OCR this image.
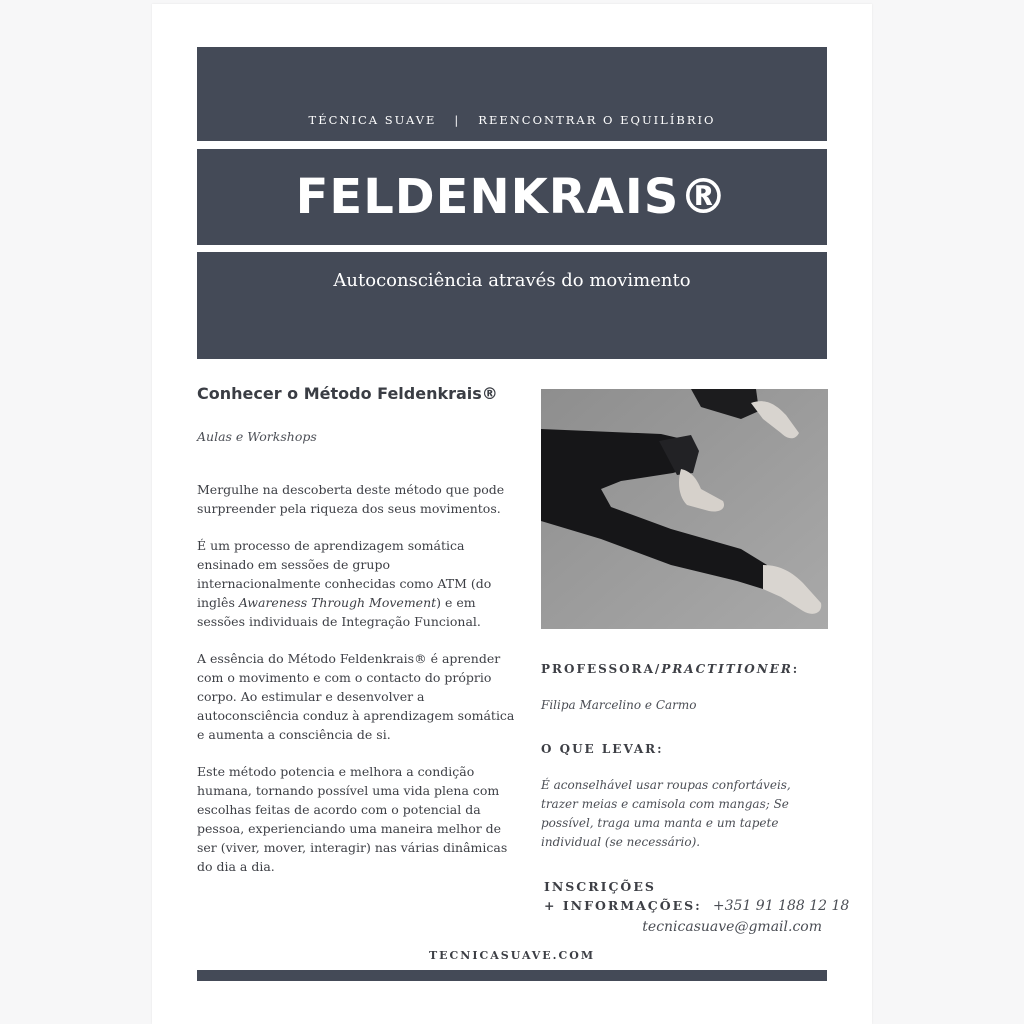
TÉCNICA SUAVE | REENCONTRAR O EQUILÍBRIO
FELDENKRAIS®
Autoconsciência através do movimento
Conhecer o Método Feldenkrais®
Aulas e Workshops

Mergulhe na descoberta deste método que pode surpreender pela riqueza dos seus movimentos.

É um processo de aprendizagem somática ensinado em sessões de grupo internacionalmente conhecidas como ATM (do inglês Awareness Through Movement) e em sessões individuais de Integração Funcional.

A essência do Método Feldenkrais® é aprender com o movimento e com o contacto do próprio corpo. Ao estimular e desenvolver a autoconsciência conduz à aprendizagem somática e aumenta a consciência de si.

Este método potencia e melhora a condição humana, tornando possível uma vida plena com escolhas feitas de acordo com o potencial da pessoa, experienciando uma maneira melhor de ser (viver, mover, interagir) nas várias dinâmicas do dia a dia.

PROFESSORA/PRACTITIONER:
Filipa Marcelino e Carmo
O QUE LEVAR:
É aconselhável usar roupas confortáveis, trazer meias e camisola com mangas; Se possível, traga uma manta e um tapete individual (se necessário).
INSCRIÇÕES
+ INFORMAÇÕES: +351 91 188 12 18
tecnicasuave@gmail.com
TECNICASUAVE.COM
